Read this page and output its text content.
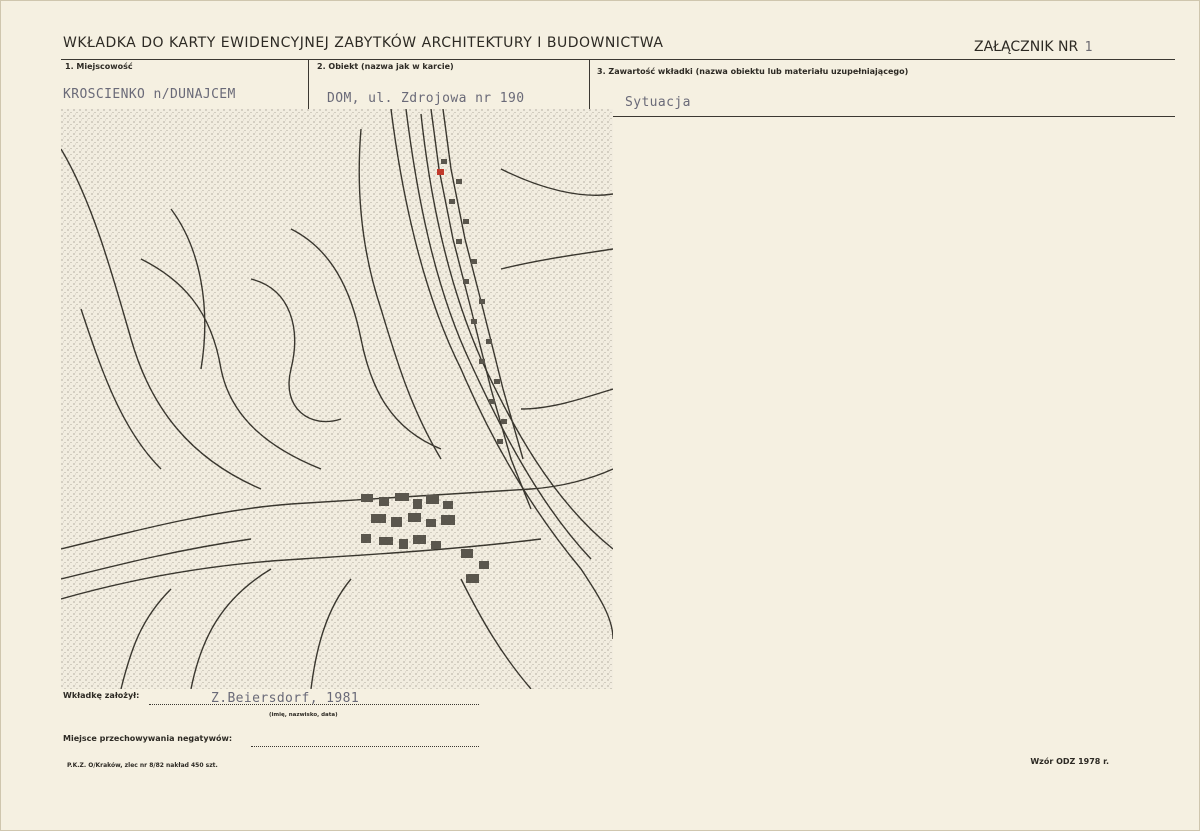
WKŁADKA DO KARTY EWIDENCYJNEJ ZABYTKÓW ARCHITEKTURY I BUDOWNICTWA	ZAŁĄCZNIK NR 1
1. Miejscowość	2. Obiekt (nazwa jak w karcie)
3. Zawartość wkładki (nazwa obiektu lub materiału uzupełniającego)
KROSCIENKO n/DUNAJCEM	DOM, ul. Zdrojowa nr 190	Sytuacja
Wkładkę założył:	Z.Beiersdorf, 1981
(imię, nazwisko, data)
Miejsce przechowywania negatywów:
P.K.Z. O/Kraków, zlec nr 8/82 nakład 450 szt.	Wzór ODZ 1978 r.
